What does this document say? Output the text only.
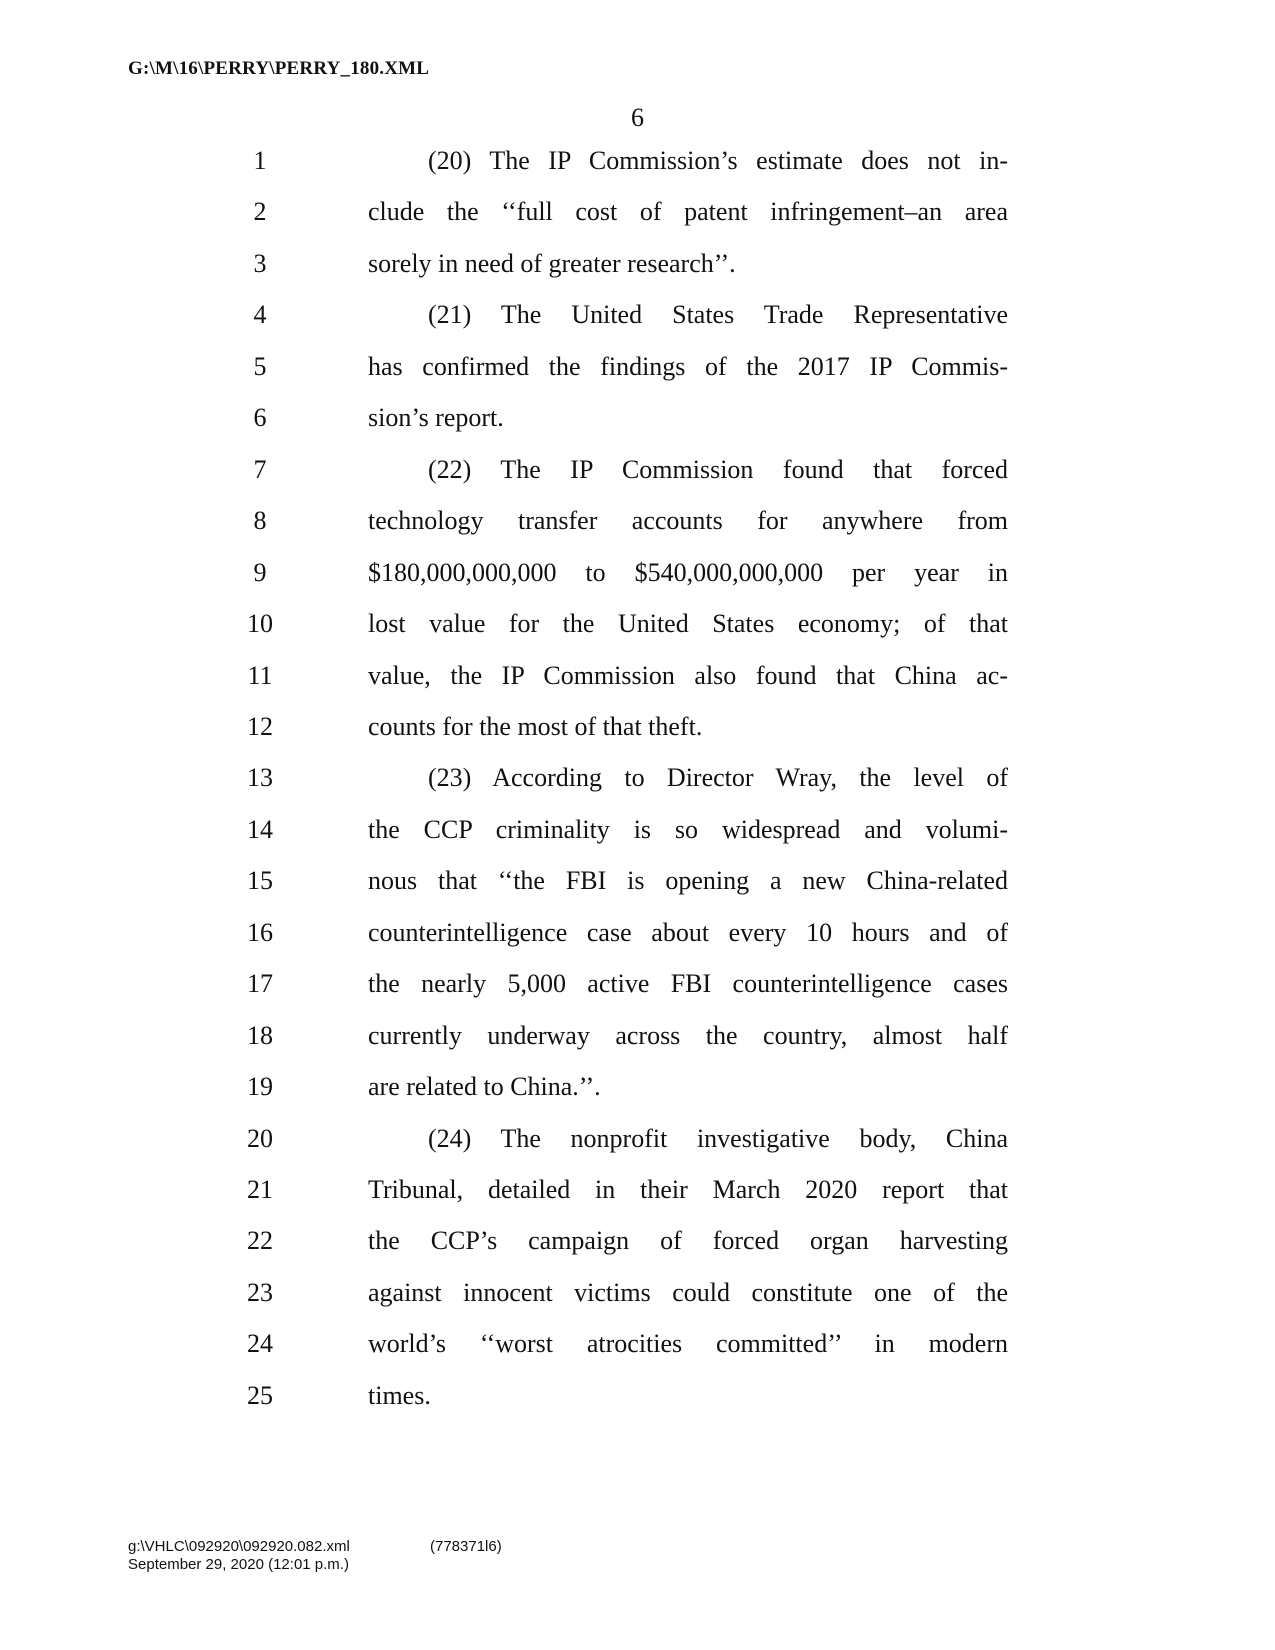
G:\M\16\PERRY\PERRY_180.XML
6
1	(20) The IP Commission’s estimate does not in-
2	clude the ‘‘full cost of patent infringement–an area
3	sorely in need of greater research’’.
4	(21) The United States Trade Representative
5	has confirmed the findings of the 2017 IP Commis-
6	sion’s report.
7	(22) The IP Commission found that forced
8	technology transfer accounts for anywhere from
9	$180,000,000,000 to $540,000,000,000 per year in
10	lost value for the United States economy; of that
11	value, the IP Commission also found that China ac-
12	counts for the most of that theft.
13	(23) According to Director Wray, the level of
14	the CCP criminality is so widespread and volumi-
15	nous that ‘‘the FBI is opening a new China-related
16	counterintelligence case about every 10 hours and of
17	the nearly 5,000 active FBI counterintelligence cases
18	currently underway across the country, almost half
19	are related to China.’’.
20	(24) The nonprofit investigative body, China
21	Tribunal, detailed in their March 2020 report that
22	the CCP’s campaign of forced organ harvesting
23	against innocent victims could constitute one of the
24	world’s ‘‘worst atrocities committed’’ in modern
25	times.
g:\VHLC\092920\092920.082.xml
September 29, 2020 (12:01 p.m.)
(778371l6)
